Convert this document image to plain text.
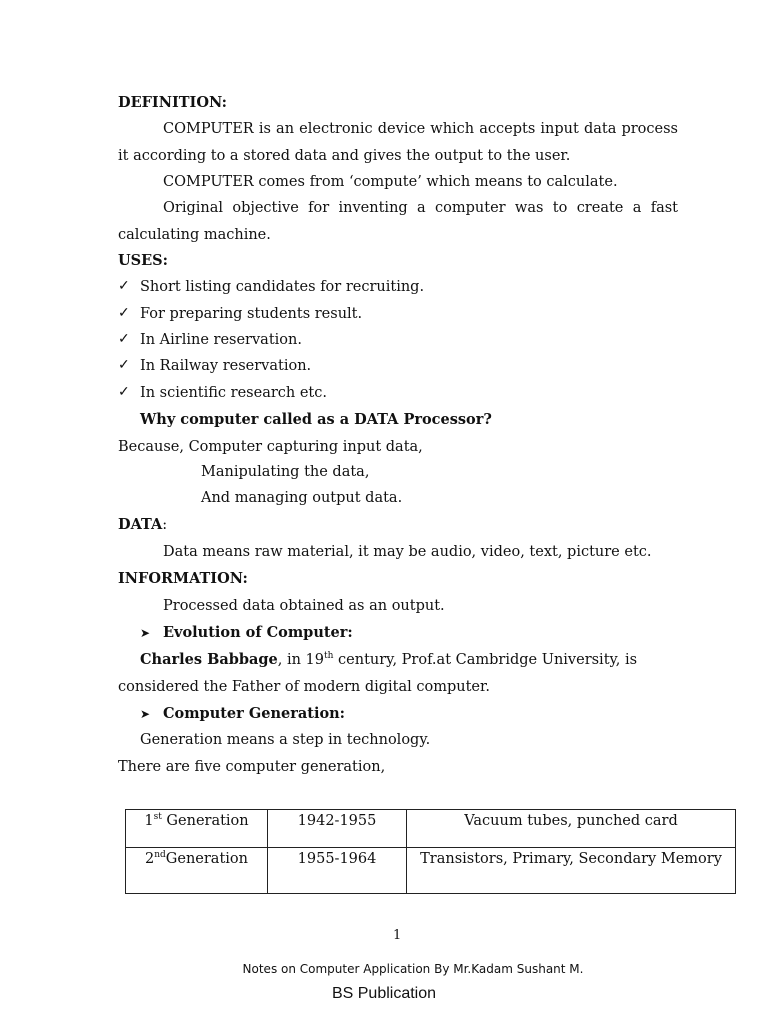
DEFINITION:
COMPUTER is an electronic device which accepts input data process
it according to a stored data and gives the output to the user.
COMPUTER comes from ‘compute’ which means to calculate.
Original objective for inventing a computer was to create a fast
calculating machine.
USES:
✓ Short listing candidates for recruiting.
✓ For preparing students result.
✓ In Airline reservation.
✓ In Railway reservation.
✓ In scientific research etc.
Why computer called as a DATA Processor?
Because, Computer capturing input data,
Manipulating the data,
And managing output data.
DATA:
Data means raw material, it may be audio, video, text, picture etc.
INFORMATION:
Processed data obtained as an output.
➤ Evolution of Computer:
Charles Babbage, in 19th century, Prof.at Cambridge University, is
considered the Father of modern digital computer.
➤ Computer Generation:
Generation means a step in technology.
There are five computer generation,
1st Generation	1942-1955	Vacuum tubes, punched card
2ndGeneration	1955-1964	Transistors, Primary, Secondary Memory
1
Notes on Computer Application By Mr.Kadam Sushant M.
BS Publication
